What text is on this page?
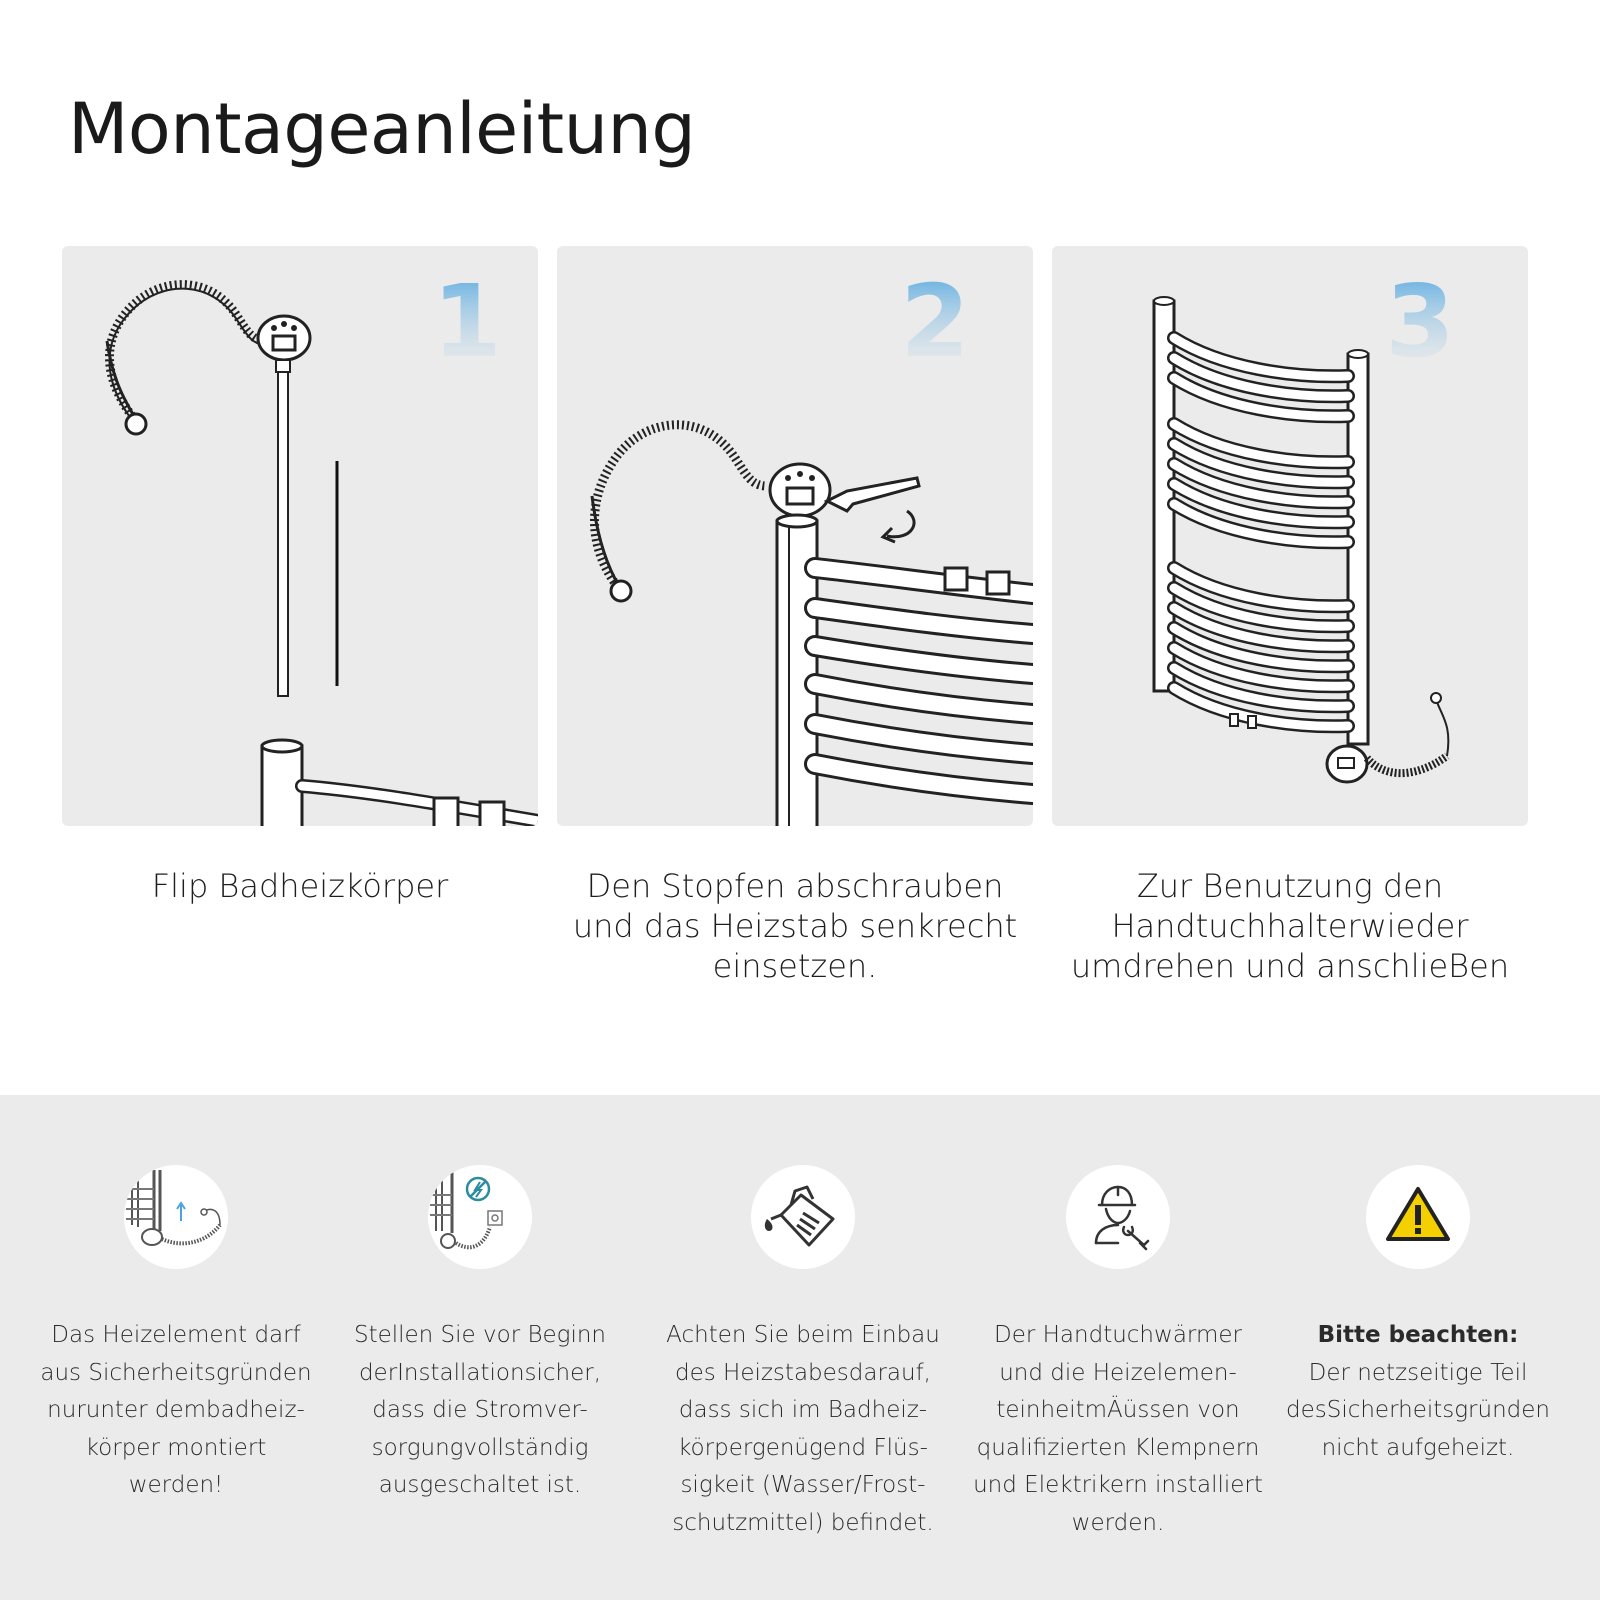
Montageanleitung
1	2	3
Flip Badheizkörper	Den Stopfen abschrauben
und das Heizstab senkrecht
einsetzen.
Zur Benutzung den
Handtuchhalterwieder
umdrehen und anschlieBen
Das Heizelement darf
aus Sicherheitsgründen
nurunter dembadheiz-
körper montiert
werden!
Stellen Sie vor Beginn
derInstallationsicher,
dass die Stromver-
sorgungvollständig
ausgeschaltet ist.
Achten Sie beim Einbau
des Heizstabesdarauf,
dass sich im Badheiz-
körpergenügend Flüs-
sigkeit (Wasser/Frost-
schutzmittel) befindet.
Der Handtuchwärmer
und die Heizelemen-
teinheitmÄüssen von
qualifizierten Klempnern
und Elektrikern installiert
werden.
Bitte beachten:
Der netzseitige Teil
desSicherheitsgründen
nicht aufgeheizt.
